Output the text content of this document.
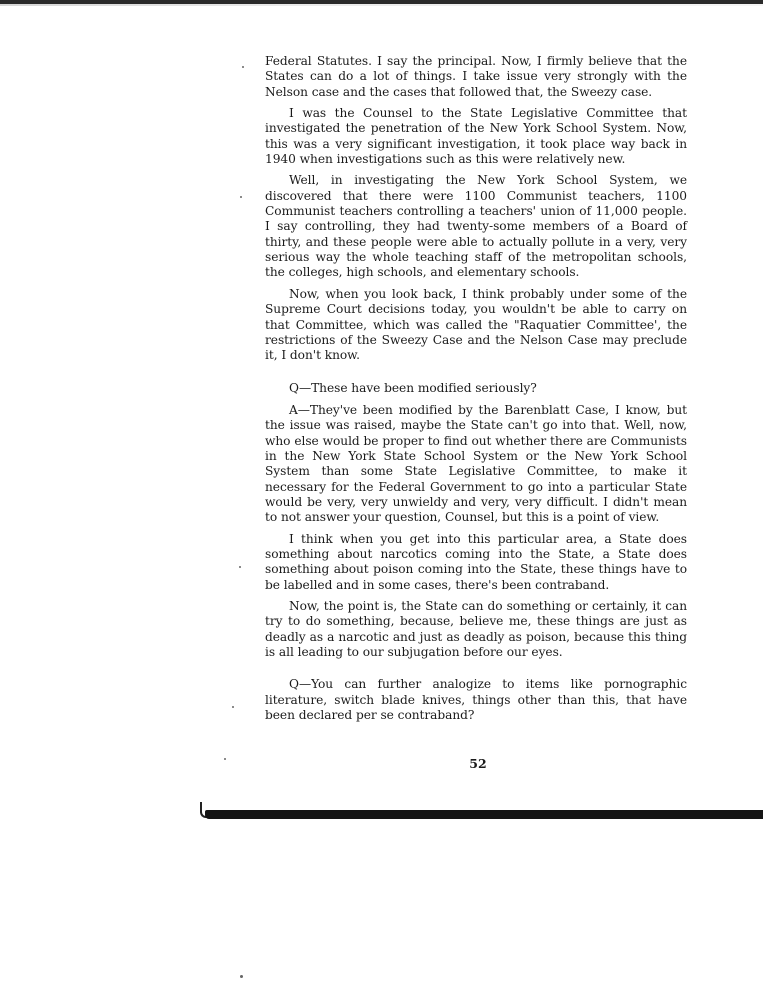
Federal Statutes. I say the principal. Now, I firmly believe that the States can do a lot of things. I take issue very strongly with the Nelson case and the cases that followed that, the Sweezy case.

I was the Counsel to the State Legislative Committee that investigated the penetration of the New York School System. Now, this was a very significant investigation, it took place way back in 1940 when investigations such as this were relatively new.

Well, in investigating the New York School System, we discovered that there were 1100 Communist teachers, 1100 Communist teachers controlling a teachers' union of 11,000 people. I say controlling, they had twenty-some members of a Board of thirty, and these people were able to actually pollute in a very, very serious way the whole teaching staff of the metropolitan schools, the colleges, high schools, and elementary schools.

Now, when you look back, I think probably under some of the Supreme Court decisions today, you wouldn't be able to carry on that Committee, which was called the "Raquatier Committee', the restrictions of the Sweezy Case and the Nelson Case may preclude it, I don't know.

Q—These have been modified seriously?

A—They've been modified by the Barenblatt Case, I know, but the issue was raised, maybe the State can't go into that. Well, now, who else would be proper to find out whether there are Communists in the New York State School System or the New York School System than some State Legislative Committee, to make it necessary for the Federal Government to go into a particular State would be very, very unwieldy and very, very difficult. I didn't mean to not answer your question, Counsel, but this is a point of view.

I think when you get into this particular area, a State does something about narcotics coming into the State, a State does something about poison coming into the State, these things have to be labelled and in some cases, there's been contraband.

Now, the point is, the State can do something or certainly, it can try to do something, because, believe me, these things are just as deadly as a narcotic and just as deadly as poison, because this thing is all leading to our subjugation before our eyes.

Q—You can further analogize to items like pornographic literature, switch blade knives, things other than this, that have been declared per se contraband?

52
